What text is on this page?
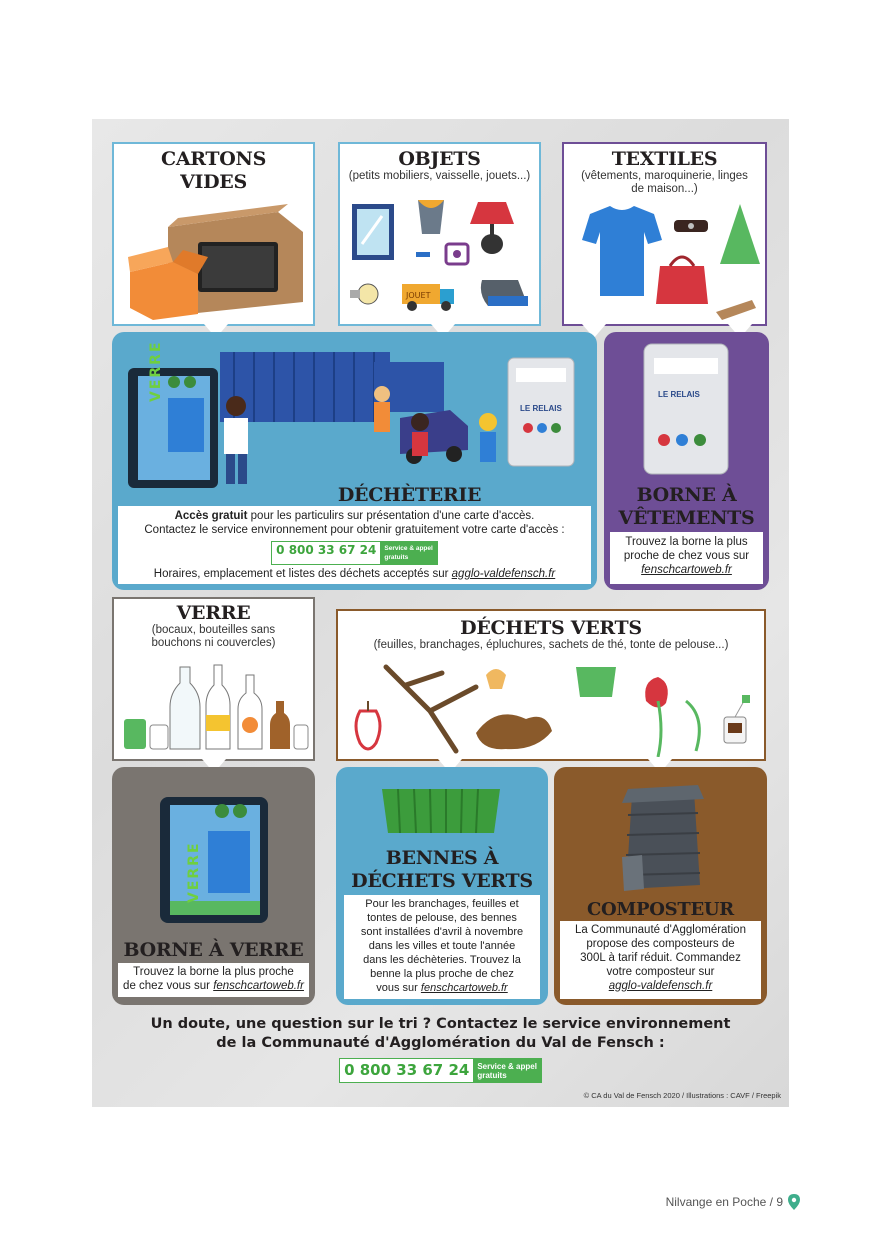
CARTONS
VIDES
OBJETS
(petits mobiliers, vaisselle, jouets...)
JOUET
TEXTILES
(vêtements, maroquinerie, linges
de maison...)
VERRE
LE RELAIS
DÉCHÈTERIE
Accès gratuit pour les particulirs sur présentation d'une carte d'accès.
Contactez le service environnement pour obtenir gratuitement votre carte d'accès :
0 800 33 67 24	Service & appel
gratuits
Horaires, emplacement et listes des déchets acceptés sur agglo-valdefensch.fr
LE RELAIS
BORNE À
VÊTEMENTS
Trouvez la borne la plus
proche de chez vous sur
fenschcartoweb.fr
VERRE
(bocaux, bouteilles sans
bouchons ni couvercles)
DÉCHETS VERTS
(feuilles, branchages, épluchures, sachets de thé, tonte de pelouse...)
VERRE
BORNE À VERRE
Trouvez la borne la plus proche
de chez vous sur fenschcartoweb.fr
BENNES À
DÉCHETS VERTS
Pour les branchages, feuilles et
tontes de pelouse, des bennes
sont installées d'avril à novembre
dans les villes et toute l'année
dans les déchèteries. Trouvez la
benne la plus proche de chez
vous sur fenschcartoweb.fr
COMPOSTEUR
La Communauté d'Agglomération
propose des composteurs de
300L à tarif réduit. Commandez
votre composteur sur
agglo-valdefensch.fr
Un doute, une question sur le tri ? Contactez le service environnement
de la Communauté d'Agglomération du Val de Fensch :
0 800 33 67 24	Service & appel
gratuits
© CA du Val de Fensch 2020 / Illustrations : CAVF / Freepik
Nilvange en Poche / 9
